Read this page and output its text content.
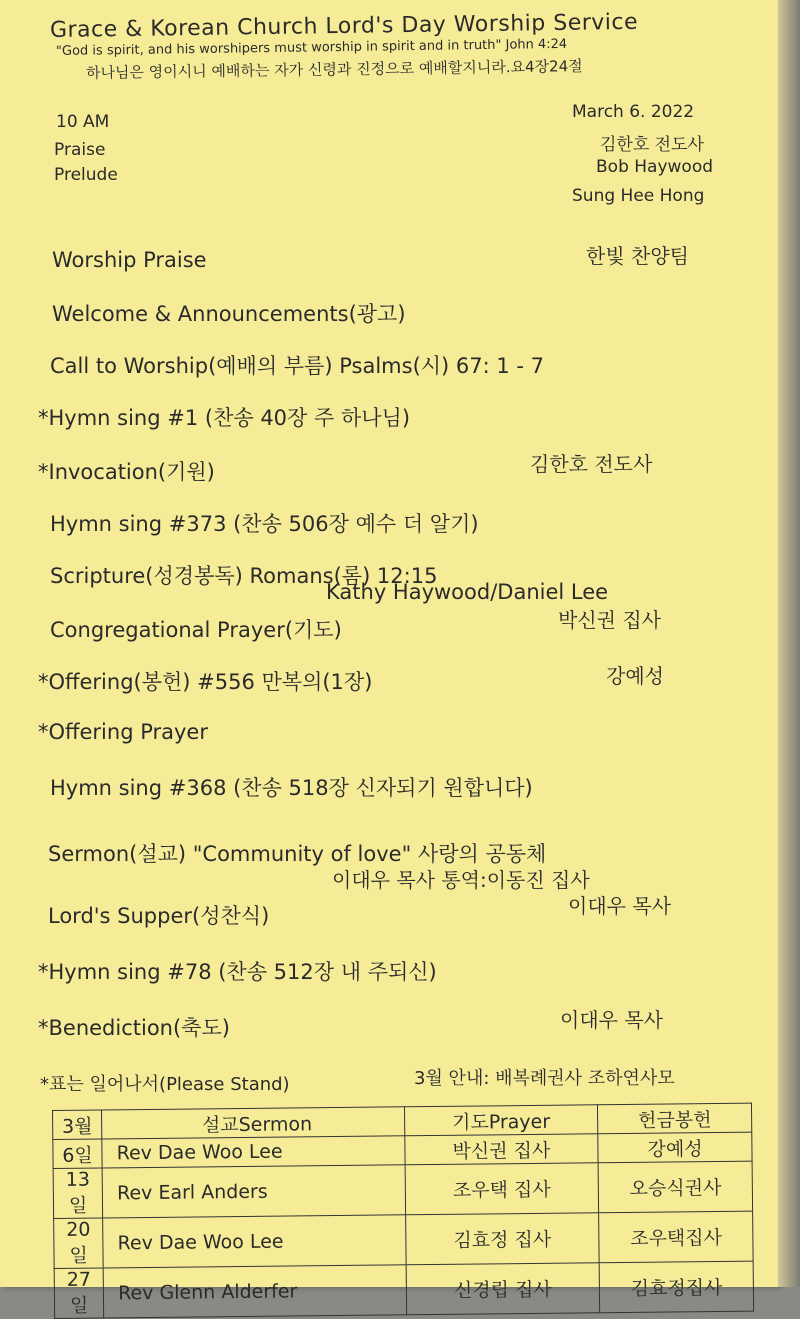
Grace & Korean Church Lord's Day Worship Service
"God is spirit, and his worshipers must worship in spirit and in truth" John 4:24
하나님은 영이시니 예배하는 자가 신령과 진정으로 예배할지니라.요4장24절
10 AM
Praise
Prelude
March 6. 2022
김한호 전도사
Bob Haywood
Sung Hee Hong
Worship Praise	한빛 찬양팀
Welcome & Announcements(광고)
Call to Worship(예배의 부름) Psalms(시) 67: 1 - 7
*Hymn sing #1 (찬송 40장 주 하나님)
*Invocation(기원)	김한호 전도사
Hymn sing #373 (찬송 506장 예수 더 알기)
Scripture(성경봉독) Romans(롬) 12:15
Kathy Haywood/Daniel Lee
Congregational Prayer(기도)	박신권 집사
*Offering(봉헌) #556 만복의(1장)	강예성
*Offering Prayer
Hymn sing #368 (찬송 518장 신자되기 원합니다)
Sermon(설교) "Community of love" 사랑의 공동체
이대우 목사 통역:이동진 집사
Lord's Supper(성찬식)	이대우 목사
*Hymn sing #78 (찬송 512장 내 주되신)
*Benediction(축도)	이대우 목사
*표는 일어나서(Please Stand)	3월 안내: 배복례권사 조하연사모
3월	설교Sermon	기도Prayer	헌금봉헌
6일	Rev Dae Woo Lee	박신권 집사	강예성
13일	Rev Earl Anders	조우택 집사	오승식권사
20일	Rev Dae Woo Lee	김효정 집사	조우택집사
27일	Rev Glenn Alderfer	신경립 집사	김효정집사
